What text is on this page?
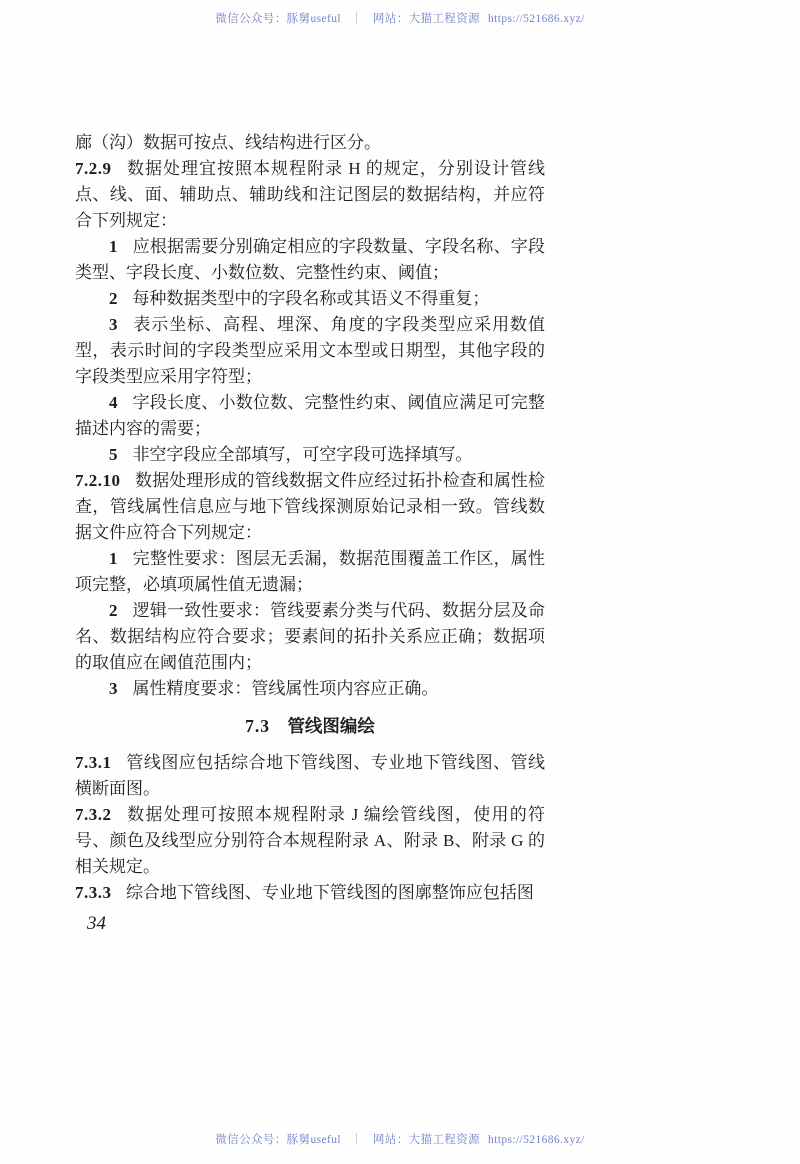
微信公众号：豚舅useful ｜ 网站：大猫工程资源 https://521686.xyz/

廊（沟）数据可按点、线结构进行区分。

7.2.9 数据处理宜按照本规程附录 H 的规定，分别设计管线点、线、面、辅助点、辅助线和注记图层的数据结构，并应符合下列规定：

1 应根据需要分别确定相应的字段数量、字段名称、字段类型、字段长度、小数位数、完整性约束、阈值；

2 每种数据类型中的字段名称或其语义不得重复；

3 表示坐标、高程、埋深、角度的字段类型应采用数值型，表示时间的字段类型应采用文本型或日期型，其他字段的字段类型应采用字符型；

4 字段长度、小数位数、完整性约束、阈值应满足可完整描述内容的需要；

5 非空字段应全部填写，可空字段可选择填写。

7.2.10 数据处理形成的管线数据文件应经过拓扑检查和属性检查，管线属性信息应与地下管线探测原始记录相一致。管线数据文件应符合下列规定：

1 完整性要求：图层无丢漏，数据范围覆盖工作区，属性项完整，必填项属性值无遗漏；

2 逻辑一致性要求：管线要素分类与代码、数据分层及命名、数据结构应符合要求；要素间的拓扑关系应正确；数据项的取值应在阈值范围内；

3 属性精度要求：管线属性项内容应正确。

7.3 管线图编绘

7.3.1 管线图应包括综合地下管线图、专业地下管线图、管线横断面图。

7.3.2 数据处理可按照本规程附录 J 编绘管线图，使用的符号、颜色及线型应分别符合本规程附录 A、附录 B、附录 G 的相关规定。

7.3.3 综合地下管线图、专业地下管线图的图廓整饰应包括图

34
微信公众号：豚舅useful ｜ 网站：大猫工程资源 https://521686.xyz/
